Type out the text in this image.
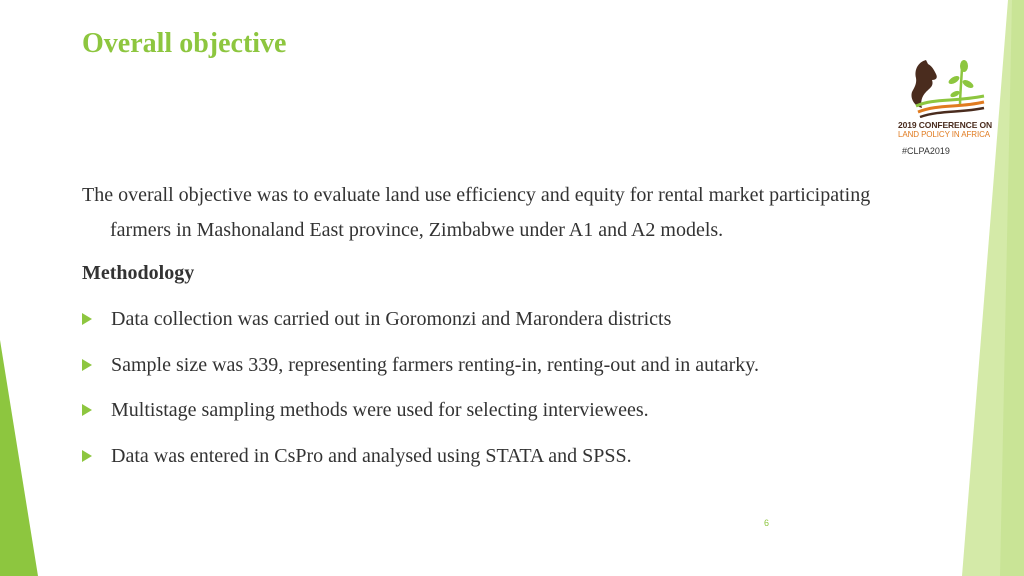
Overall objective
2019 CONFERENCE ON
LAND POLICY IN AFRICA
#CLPA2019
The overall objective was to evaluate land use efficiency and equity for rental market participating
farmers in Mashonaland East province, Zimbabwe under A1 and A2 models.
Methodology
Data collection was carried out in Goromonzi and Marondera districts
Sample size was 339, representing farmers renting-in, renting-out and in autarky.
Multistage sampling methods were used for selecting interviewees.
Data was entered in CsPro and analysed using STATA and SPSS.
6
